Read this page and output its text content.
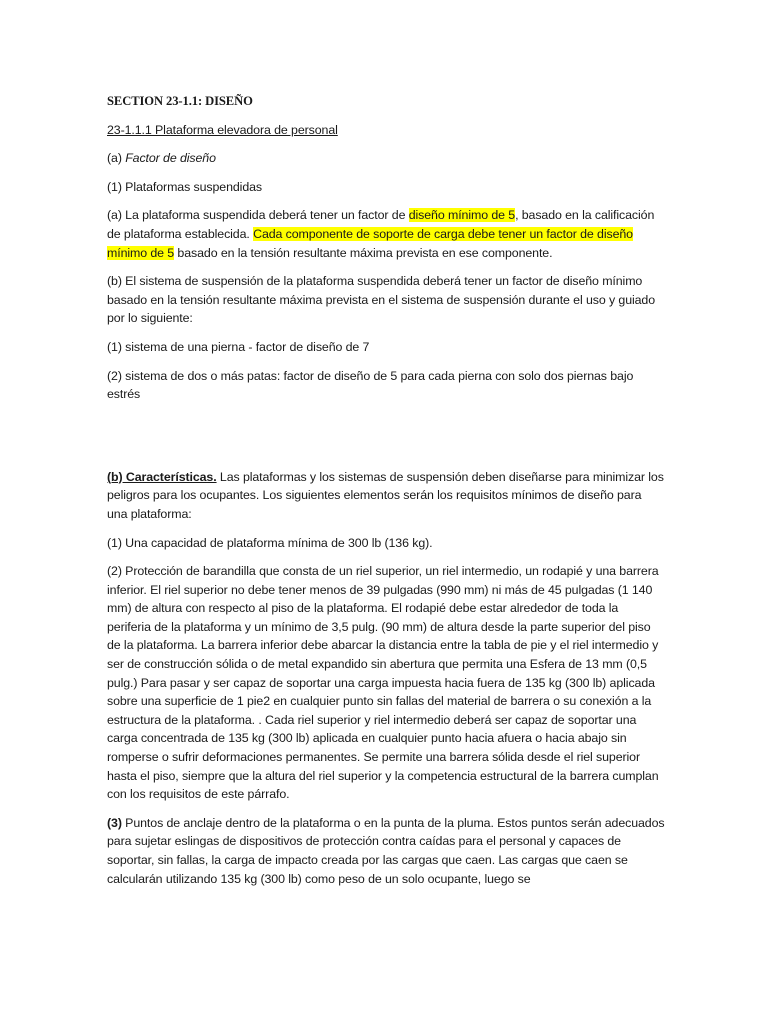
SECTION 23-1.1: DISEÑO

23-1.1.1 Plataforma elevadora de personal

(a) Factor de diseño

(1) Plataformas suspendidas

(a) La plataforma suspendida deberá tener un factor de diseño mínimo de 5, basado en la calificación de plataforma establecida. Cada componente de soporte de carga debe tener un factor de diseño mínimo de 5 basado en la tensión resultante máxima prevista en ese componente.

(b) El sistema de suspensión de la plataforma suspendida deberá tener un factor de diseño mínimo basado en la tensión resultante máxima prevista en el sistema de suspensión durante el uso y guiado por lo siguiente:

(1) sistema de una pierna - factor de diseño de 7

(2) sistema de dos o más patas: factor de diseño de 5 para cada pierna con solo dos piernas bajo estrés

(b) Características. Las plataformas y los sistemas de suspensión deben diseñarse para minimizar los peligros para los ocupantes. Los siguientes elementos serán los requisitos mínimos de diseño para una plataforma:

(1) Una capacidad de plataforma mínima de 300 lb (136 kg).

(2) Protección de barandilla que consta de un riel superior, un riel intermedio, un rodapié y una barrera inferior. El riel superior no debe tener menos de 39 pulgadas (990 mm) ni más de 45 pulgadas (1 140 mm) de altura con respecto al piso de la plataforma. El rodapié debe estar alrededor de toda la periferia de la plataforma y un mínimo de 3,5 pulg. (90 mm) de altura desde la parte superior del piso de la plataforma. La barrera inferior debe abarcar la distancia entre la tabla de pie y el riel intermedio y ser de construcción sólida o de metal expandido sin abertura que permita una Esfera de 13 mm (0,5 pulg.) Para pasar y ser capaz de soportar una carga impuesta hacia fuera de 135 kg (300 lb) aplicada sobre una superficie de 1 pie2 en cualquier punto sin fallas del material de barrera o su conexión a la estructura de la plataforma. . Cada riel superior y riel intermedio deberá ser capaz de soportar una carga concentrada de 135 kg (300 lb) aplicada en cualquier punto hacia afuera o hacia abajo sin romperse o sufrir deformaciones permanentes. Se permite una barrera sólida desde el riel superior hasta el piso, siempre que la altura del riel superior y la competencia estructural de la barrera cumplan con los requisitos de este párrafo.

(3) Puntos de anclaje dentro de la plataforma o en la punta de la pluma. Estos puntos serán adecuados para sujetar eslingas de dispositivos de protección contra caídas para el personal y capaces de soportar, sin fallas, la carga de impacto creada por las cargas que caen. Las cargas que caen se calcularán utilizando 135 kg (300 lb) como peso de un solo ocupante, luego se
